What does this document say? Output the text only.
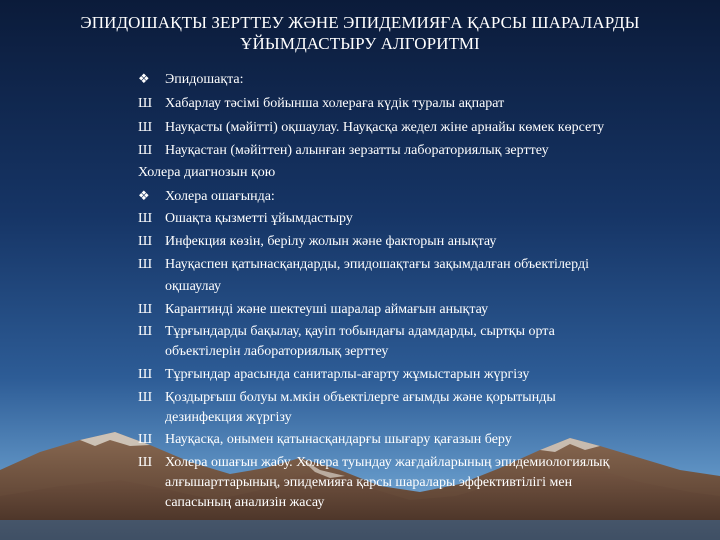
ЭПИДОШАҚТЫ ЗЕРТТЕУ ЖӘНЕ ЭПИДЕМИЯҒА ҚАРСЫ ШАРАЛАРДЫ
ҰЙЫМДАСТЫРУ АЛГОРИТМІ
❖	Эпидошақта:
Ш Хабарлау тәсімі бойынша холераға күдік туралы ақпарат
Ш Науқасты (мәйітті) оқшаулау. Науқасқа жедел жіне арнайы көмек көрсету
Ш Науқастан (мәйіттен) алынған зерзатты лабораториялық зерттеу
Холера диагнозын қою
❖	Холера ошағында:
Ш Ошақта қызметті ұйымдастыру
Ш Инфекция көзін, берілу жолын және факторын анықтау
Ш Науқаспен қатынасқандарды, эпидошақтағы зақымдалған объектілерді
оқшаулау
Ш Карантинді және шектеуші шаралар аймағын анықтау
Ш Тұрғындарды бақылау, қауіп тобындағы адамдарды, сыртқы орта
объектілерін лабораториялық зерттеу
Ш Тұрғындар арасында санитарлы-ағарту жұмыстарын жүргізу
Ш Қоздырғыш болуы м.мкін объектілерге ағымды және қорытынды
дезинфекция жүргізу
Ш Науқасқа, онымен қатынасқандарғы шығару қағазын беру
Ш Холера ошағын жабу. Холера туындау жағдайларының эпидемиологиялық
алғышарттарының, эпидемияға қарсы шаралары эффективтілігі мен
сапасының анализін жасау
